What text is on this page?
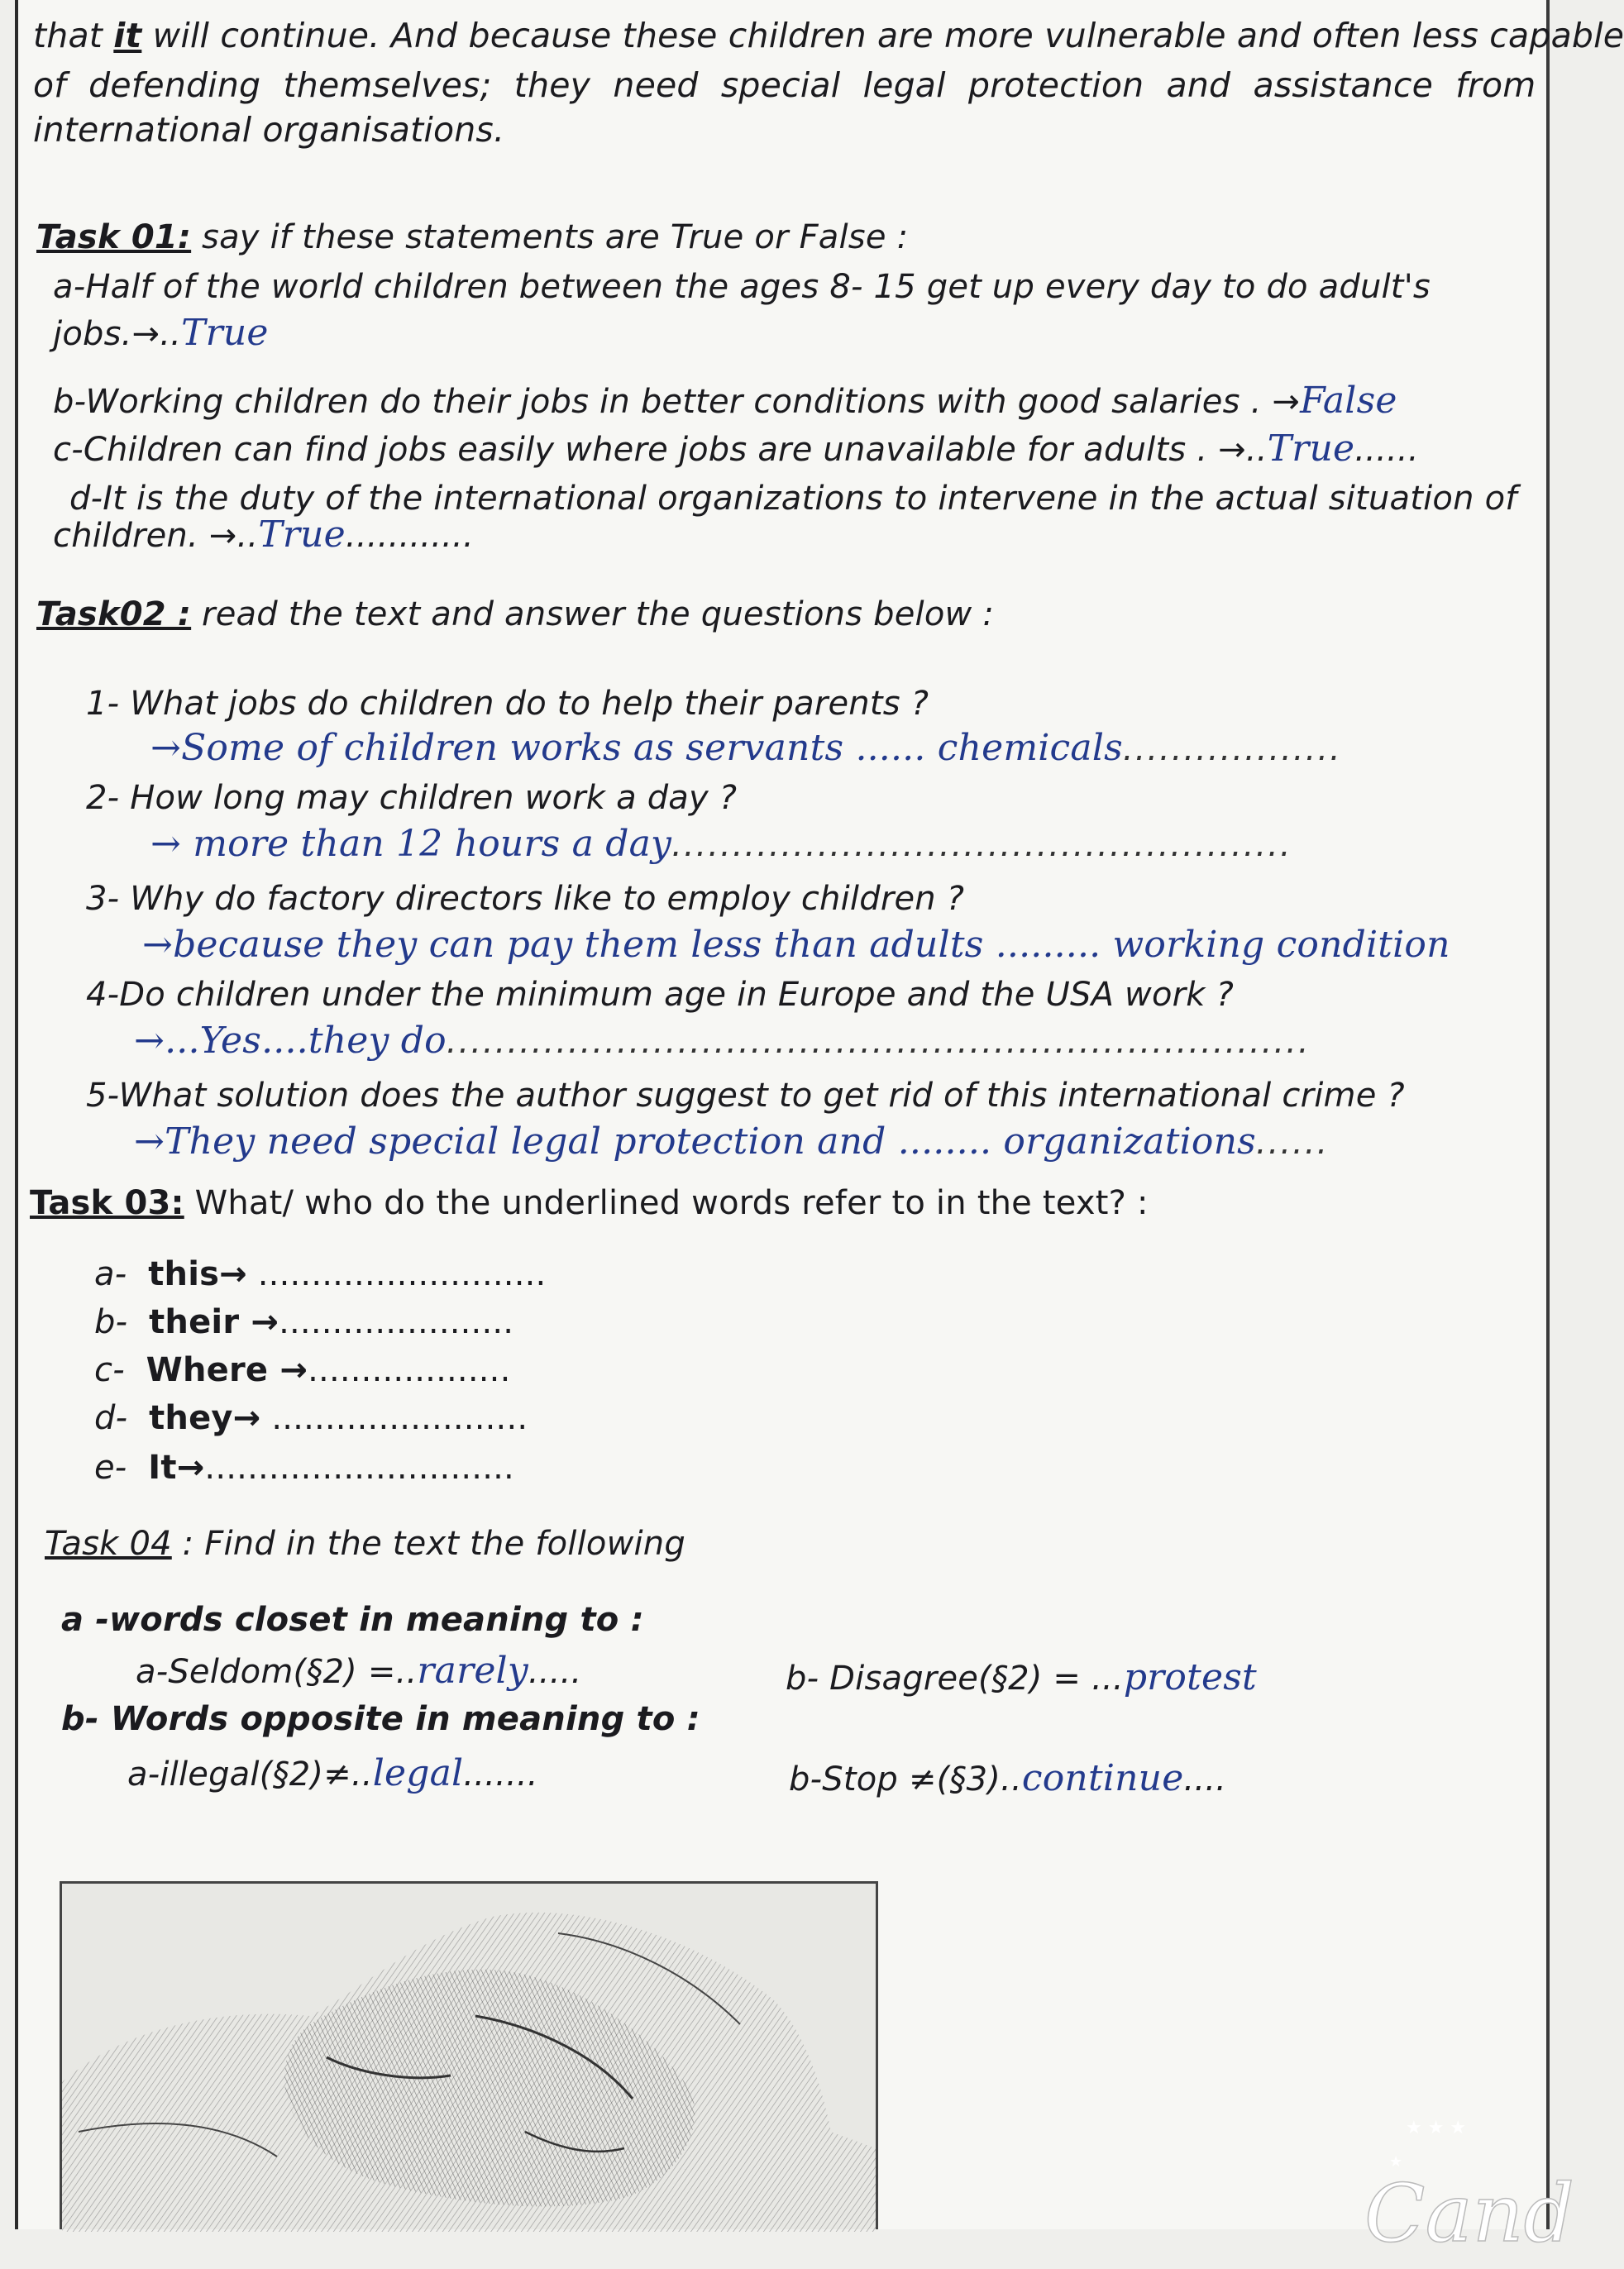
that it will continue. And because these children are more vulnerable and often less capable
of defending themselves; they need special legal protection and assistance from
international organisations.
Task 01: say if these statements are True or False :
a-Half of the world children between the ages 8- 15 get up every day to do adult's
jobs.→..True
b-Working children do their jobs in better conditions with good salaries . →False
c-Children can find jobs easily where jobs are unavailable for adults . →..True......
d-It is the duty of the international organizations to intervene in the actual situation of
children. →..True............
Task02 : read the text and answer the questions below :
1- What jobs do children do to help their parents ?
→Some of children works as servants ...... chemicals..................
2- How long may children work a day ?
→ more than 12 hours a day...................................................
3- Why do factory directors like to employ children ?
→because they can pay them less than adults ......... working condition
4-Do children under the minimum age in Europe and the USA work ?
→...Yes....they do.......................................................................
5-What solution does the author suggest to get rid of this international crime ?
→They need special legal protection and ........ organizations......
Task 03: What/ who do the underlined words refer to in the text? :
a- this→ ...........................
b- their →......................
c- Where →...................
d- they→ ........................
e- It→.............................
Task 04 : Find in the text the following
a -words closet in meaning to :
a-Seldom(§2) =..rarely.....	b- Disagree(§2) = ...protest
b- Words opposite in meaning to :
a-illegal(§2)≠..legal.......	b-Stop ≠(§3)..continue....
★ ★ ★
★
Cand
